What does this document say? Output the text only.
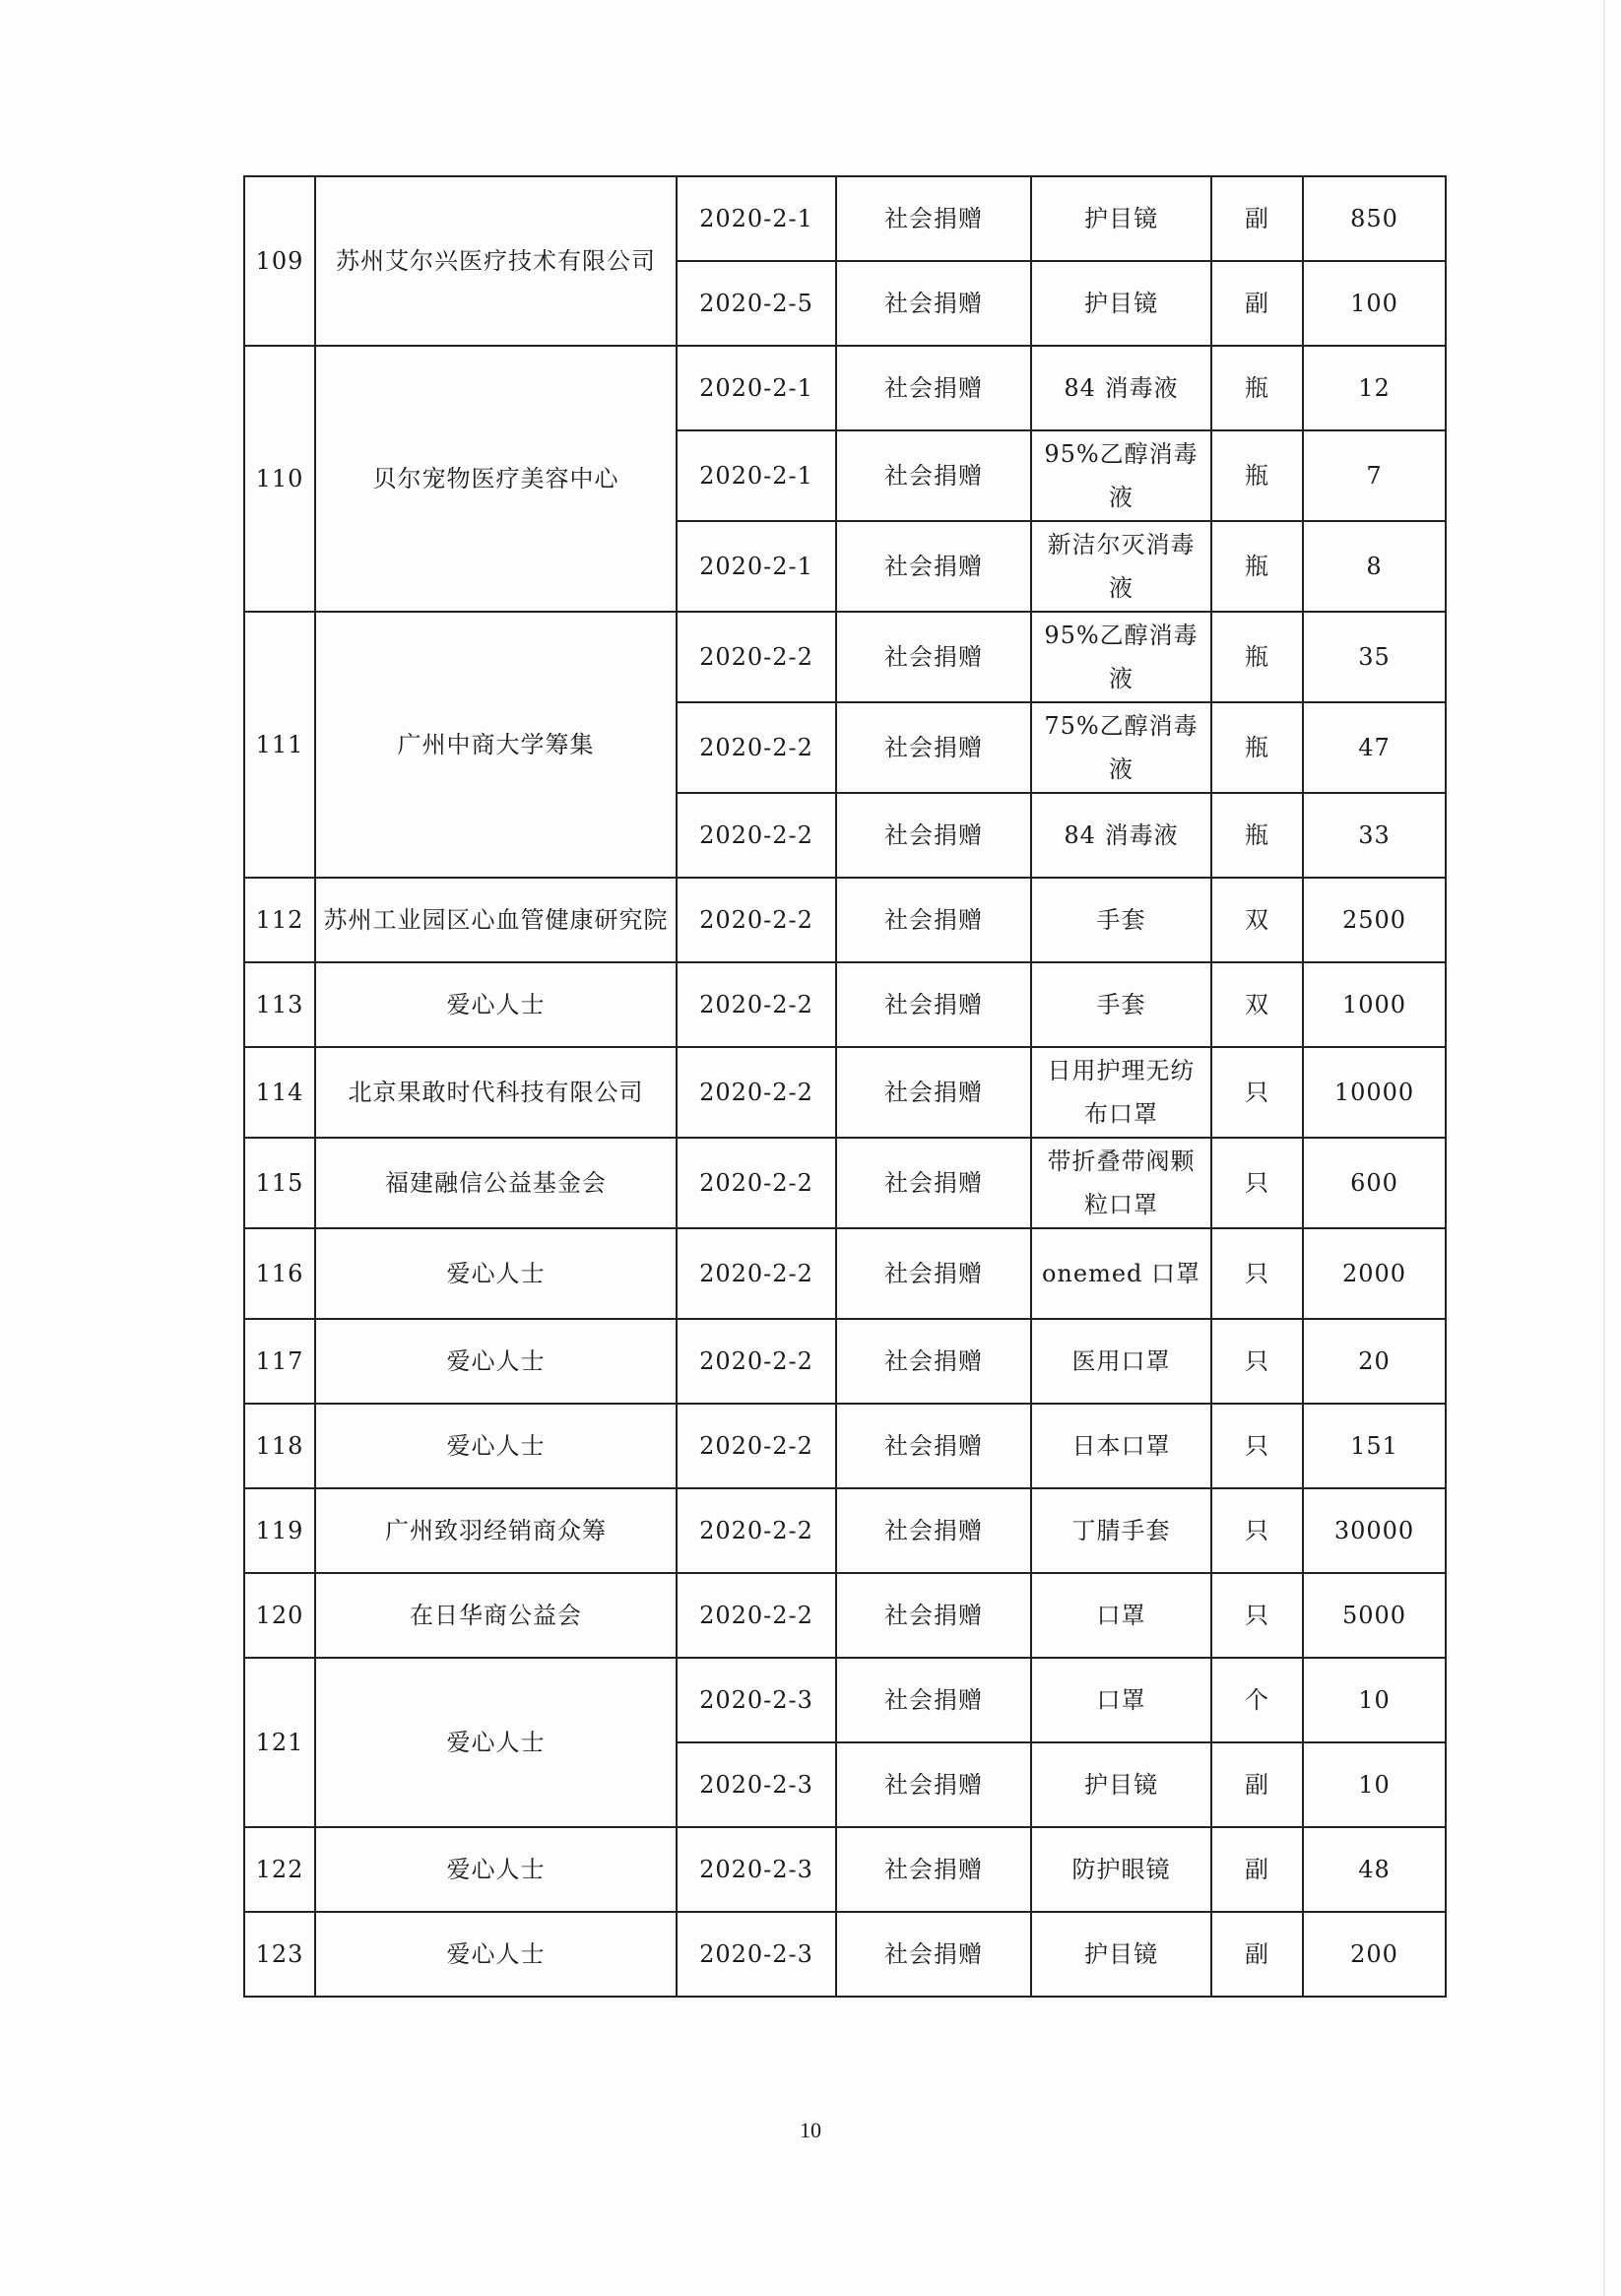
109	苏州艾尔兴医疗技术有限公司	2020-2-1	社会捐赠	护目镜	副	850
		2020-2-5	社会捐赠	护目镜	副	100
110	贝尔宠物医疗美容中心	2020-2-1	社会捐赠	84 消毒液	瓶	12
		2020-2-1	社会捐赠	95%乙醇消毒液	瓶	7
		2020-2-1	社会捐赠	新洁尔灭消毒液	瓶	8
111	广州中商大学筹集	2020-2-2	社会捐赠	95%乙醇消毒液	瓶	35
		2020-2-2	社会捐赠	75%乙醇消毒液	瓶	47
		2020-2-2	社会捐赠	84 消毒液	瓶	33
112	苏州工业园区心血管健康研究院	2020-2-2	社会捐赠	手套	双	2500
113	爱心人士	2020-2-2	社会捐赠	手套	双	1000
114	北京果敢时代科技有限公司	2020-2-2	社会捐赠	日用护理无纺布口罩	只	10000
115	福建融信公益基金会	2020-2-2	社会捐赠	带折叠带阀颗粒口罩	只	600
116	爱心人士	2020-2-2	社会捐赠	onemed 口罩	只	2000
117	爱心人士	2020-2-2	社会捐赠	医用口罩	只	20
118	爱心人士	2020-2-2	社会捐赠	日本口罩	只	151
119	广州致羽经销商众筹	2020-2-2	社会捐赠	丁腈手套	只	30000
120	在日华商公益会	2020-2-2	社会捐赠	口罩	只	5000
121	爱心人士	2020-2-3	社会捐赠	口罩	个	10
		2020-2-3	社会捐赠	护目镜	副	10
122	爱心人士	2020-2-3	社会捐赠	防护眼镜	副	48
123	爱心人士	2020-2-3	社会捐赠	护目镜	副	200
10
